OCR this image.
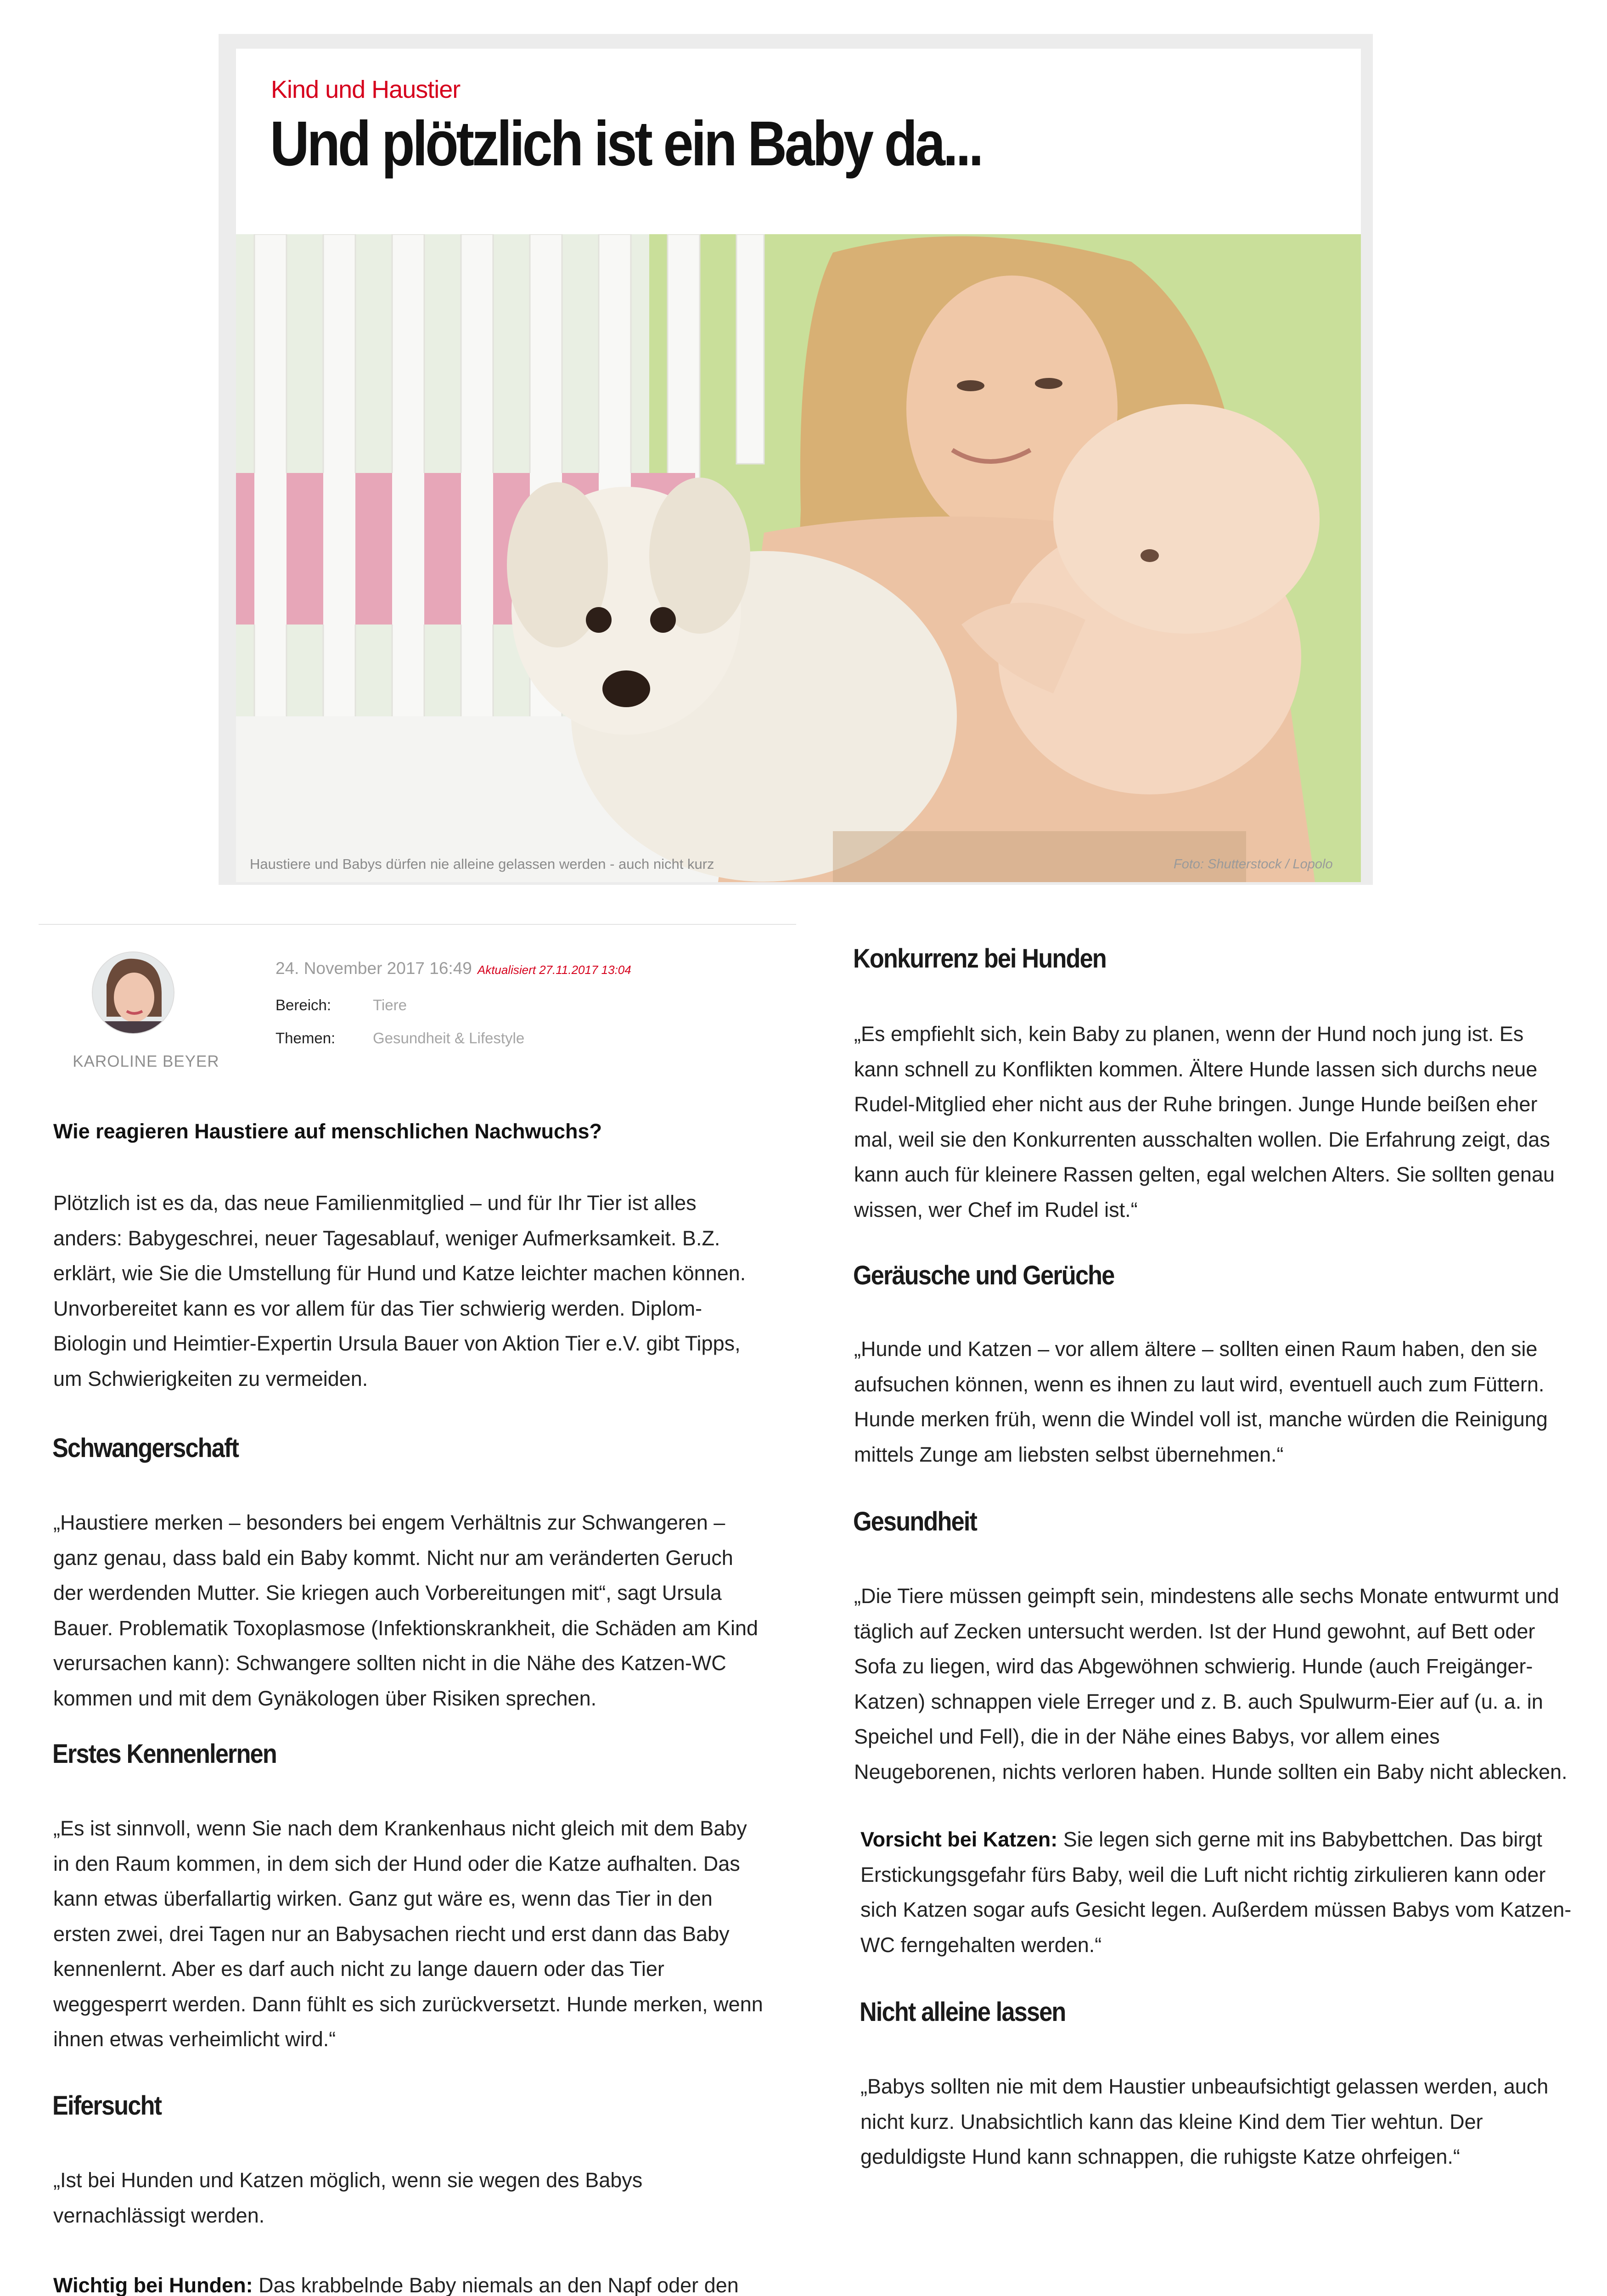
Kind und Haustier
Und plötzlich ist ein Baby da...
Haustiere und Babys dürfen nie alleine gelassen werden - auch nicht kurz	Foto: Shutterstock / Lopolo
KAROLINE BEYER
24. November 2017 16:49 Aktualisiert 27.11.2017 13:04
Bereich:	Tiere
Themen: Gesundheit & Lifestyle
Wie reagieren Haustiere auf menschlichen Nachwuchs?
Plötzlich ist es da, das neue Familienmitglied – und für Ihr Tier ist alles
anders: Babygeschrei, neuer Tagesablauf, weniger Aufmerksamkeit. B.Z.
erklärt, wie Sie die Umstellung für Hund und Katze leichter machen können.
Unvorbereitet kann es vor allem für das Tier schwierig werden. Diplom-
Biologin und Heimtier-Expertin Ursula Bauer von Aktion Tier e.V. gibt Tipps,
um Schwierigkeiten zu vermeiden.
Schwangerschaft
„Haustiere merken – besonders bei engem Verhältnis zur Schwangeren –
ganz genau, dass bald ein Baby kommt. Nicht nur am veränderten Geruch
der werdenden Mutter. Sie kriegen auch Vorbereitungen mit“, sagt Ursula
Bauer. Problematik Toxoplasmose (Infektionskrankheit, die Schäden am Kind
verursachen kann): Schwangere sollten nicht in die Nähe des Katzen-WC
kommen und mit dem Gynäkologen über Risiken sprechen.
Erstes Kennenlernen
„Es ist sinnvoll, wenn Sie nach dem Krankenhaus nicht gleich mit dem Baby
in den Raum kommen, in dem sich der Hund oder die Katze aufhalten. Das
kann etwas überfallartig wirken. Ganz gut wäre es, wenn das Tier in den
ersten zwei, drei Tagen nur an Babysachen riecht und erst dann das Baby
kennenlernt. Aber es darf auch nicht zu lange dauern oder das Tier
weggesperrt werden. Dann fühlt es sich zurückversetzt. Hunde merken, wenn
ihnen etwas verheimlicht wird.“
Eifersucht
„Ist bei Hunden und Katzen möglich, wenn sie wegen des Babys
vernachlässigt werden.
Wichtig bei Hunden: Das krabbelnde Baby niemals an den Napf oder den
Konkurrenz bei Hunden
„Es empfiehlt sich, kein Baby zu planen, wenn der Hund noch jung ist. Es
kann schnell zu Konflikten kommen. Ältere Hunde lassen sich durchs neue
Rudel-Mitglied eher nicht aus der Ruhe bringen. Junge Hunde beißen eher
mal, weil sie den Konkurrenten ausschalten wollen. Die Erfahrung zeigt, das
kann auch für kleinere Rassen gelten, egal welchen Alters. Sie sollten genau
wissen, wer Chef im Rudel ist.“
Geräusche und Gerüche
„Hunde und Katzen – vor allem ältere – sollten einen Raum haben, den sie
aufsuchen können, wenn es ihnen zu laut wird, eventuell auch zum Füttern.
Hunde merken früh, wenn die Windel voll ist, manche würden die Reinigung
mittels Zunge am liebsten selbst übernehmen.“
Gesundheit
„Die Tiere müssen geimpft sein, mindestens alle sechs Monate entwurmt und
täglich auf Zecken untersucht werden. Ist der Hund gewohnt, auf Bett oder
Sofa zu liegen, wird das Abgewöhnen schwierig. Hunde (auch Freigänger-
Katzen) schnappen viele Erreger und z. B. auch Spulwurm-Eier auf (u. a. in
Speichel und Fell), die in der Nähe eines Babys, vor allem eines
Neugeborenen, nichts verloren haben. Hunde sollten ein Baby nicht ablecken.
Vorsicht bei Katzen: Sie legen sich gerne mit ins Babybettchen. Das birgt
Erstickungsgefahr fürs Baby, weil die Luft nicht richtig zirkulieren kann oder
sich Katzen sogar aufs Gesicht legen. Außerdem müssen Babys vom Katzen-
WC ferngehalten werden.“
Nicht alleine lassen
„Babys sollten nie mit dem Haustier unbeaufsichtigt gelassen werden, auch
nicht kurz. Unabsichtlich kann das kleine Kind dem Tier wehtun. Der
geduldigste Hund kann schnappen, die ruhigste Katze ohrfeigen.“
